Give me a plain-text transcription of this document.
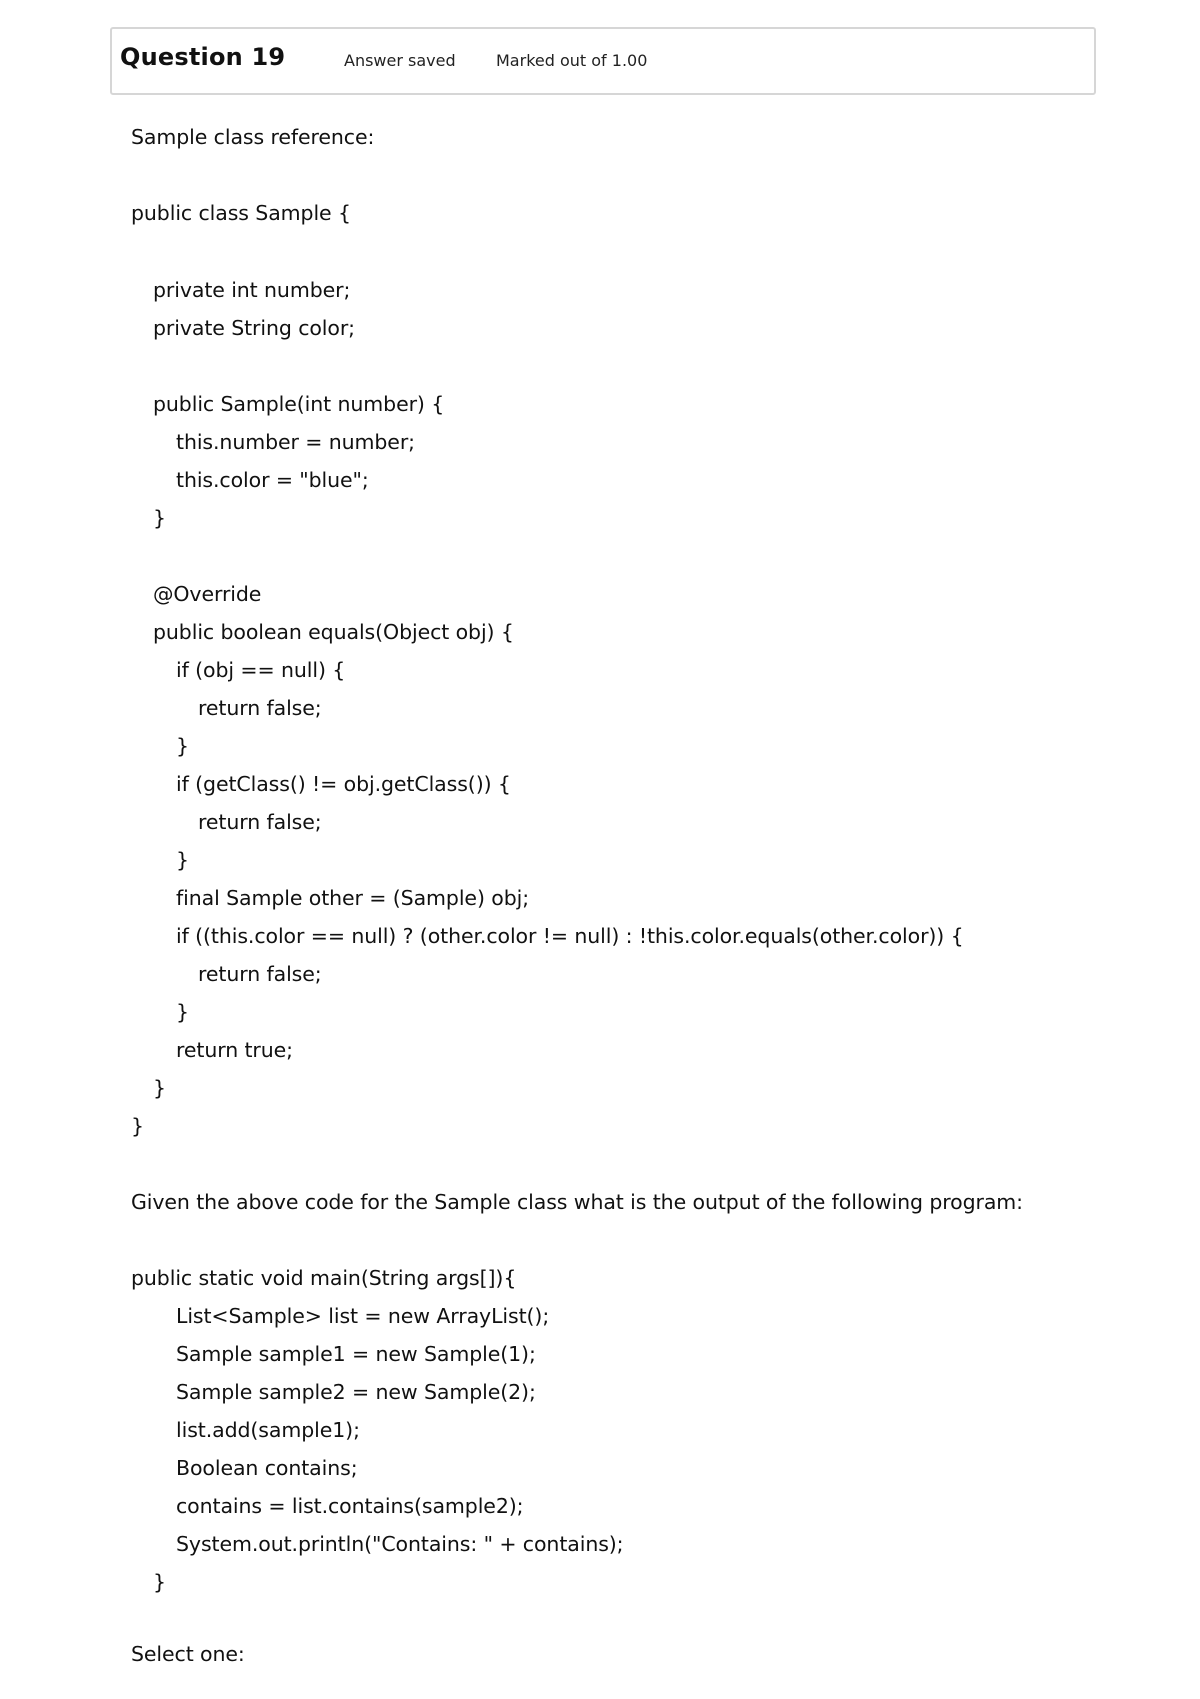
Question 19	Answer saved	Marked out of 1.00
Sample class reference:
public class Sample {
private int number;
private String color;
public Sample(int number) {
this.number = number;
this.color = "blue";
}
@Override
public boolean equals(Object obj) {
if (obj == null) {
return false;
}
if (getClass() != obj.getClass()) {
return false;
}
final Sample other = (Sample) obj;
if ((this.color == null) ? (other.color != null) : !this.color.equals(other.color)) {
return false;
}
return true;
}
}
Given the above code for the Sample class what is the output of the following program:
public static void main(String args[]){
List<Sample> list = new ArrayList();
Sample sample1 = new Sample(1);
Sample sample2 = new Sample(2);
list.add(sample1);
Boolean contains;
contains = list.contains(sample2);
System.out.println("Contains: " + contains);
}
Select one:
